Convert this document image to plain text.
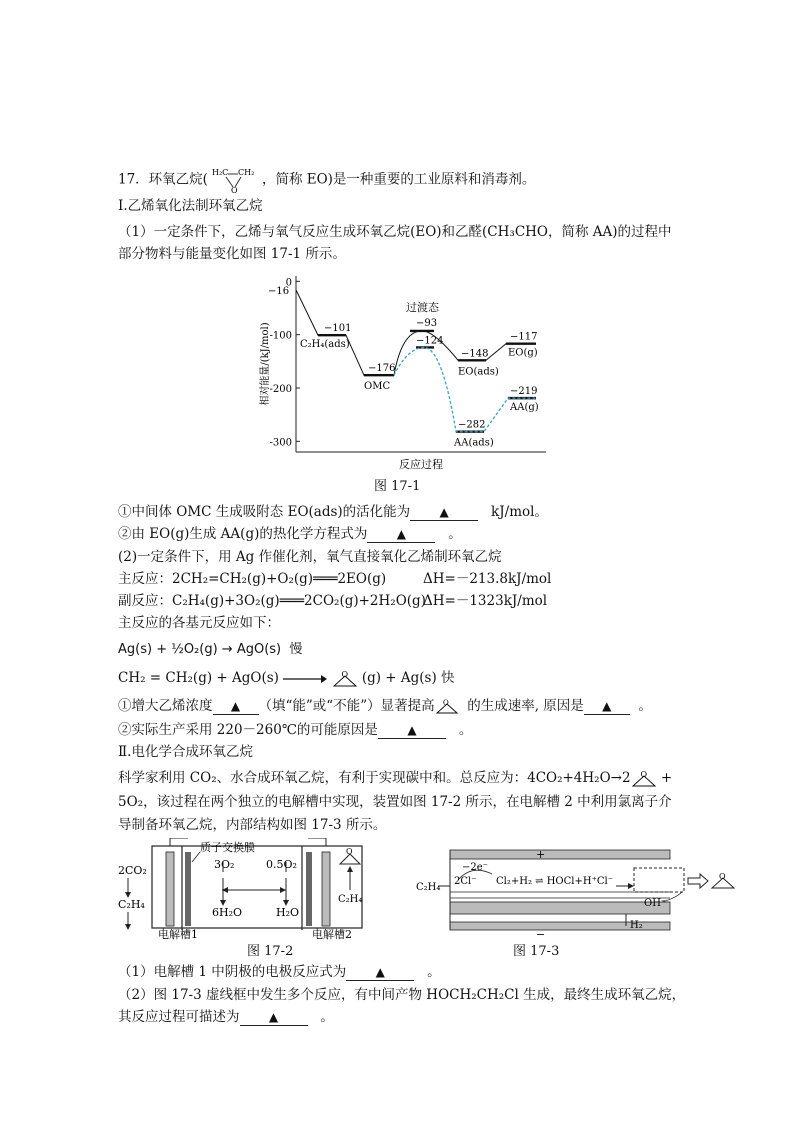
17．环氧乙烷( H₂C CH₂
O
，简称 EO)是一种重要的工业原料和消毒剂。
Ⅰ.乙烯氧化法制环氧乙烷
（1）一定条件下，乙烯与氧气反应生成环氧乙烷(EO)和乙醛(CH₃CHO，简称 AA)的过程中
部分物料与能量变化如图 17-1 所示。
0
-100
-200
-300
相对能量/(kJ/mol)
反应过程
−16
−101
−176
−93
−124
−148
−117
−282
−219
C₂H₄(ads)
OMC
EO(ads)
EO(g)
AA(ads)
AA(g)
过渡态
图 17-1
①中间体 OMC 生成吸附态 EO(ads)的活化能为 ▲	kJ/mol。
②由 EO(g)生成 AA(g)的热化学方程式为 ▲	。
(2)一定条件下，用 Ag 作催化剂，氧气直接氧化乙烯制环氧乙烷
主反应：2CH₂=CH₂(g)+O₂(g)═══2EO(g)	ΔH=－213.8kJ/mol
副反应：C₂H₄(g)+3O₂(g)═══2CO₂(g)+2H₂O(g)
ΔH=－1323kJ/mol
主反应的各基元反应如下：
Ag(s) + ½O₂(g) → AgO(s) 慢
CH₂ = CH₂(g) + AgO(s) → O (g) + Ag(s) 快
①增大乙烯浓度 ▲ （填“能”或“不能”）显著提高 O 的生成速率, 原因是 ▲ 。
②实际生产采用 220－260℃的可能原因是 ▲	。
Ⅱ.电化学合成环氧乙烷
科学家利用 CO₂、水合成环氧乙烷，有利于实现碳中和。总反应为：4CO₂+4H₂O→2 O +
5O₂，该过程在两个独立的电解槽中实现，装置如图 17-2 所示，在电解槽 2 中利用氯离子介
导制备环氧乙烷，内部结构如图 17-3 所示。
质子交换膜
2CO₂
C₂H₄
3O₂	0.5O₂
6H₂O	H₂O
O
C₂H₄
电解槽1	电解槽2
图 17-2
+
−
−2e⁻
2Cl⁻ Cl₂+H₂ ⇌ HOCl+H⁺Cl⁻
C₂H₄
O
OH⁻
H₂
图 17-3
（1）电解槽 1 中阴极的电极反应式为 ▲	。
（2）图 17-3 虚线框中发生多个反应，有中间产物 HOCH₂CH₂Cl 生成，最终生成环氧乙烷，
其反应过程可描述为 ▲	。
